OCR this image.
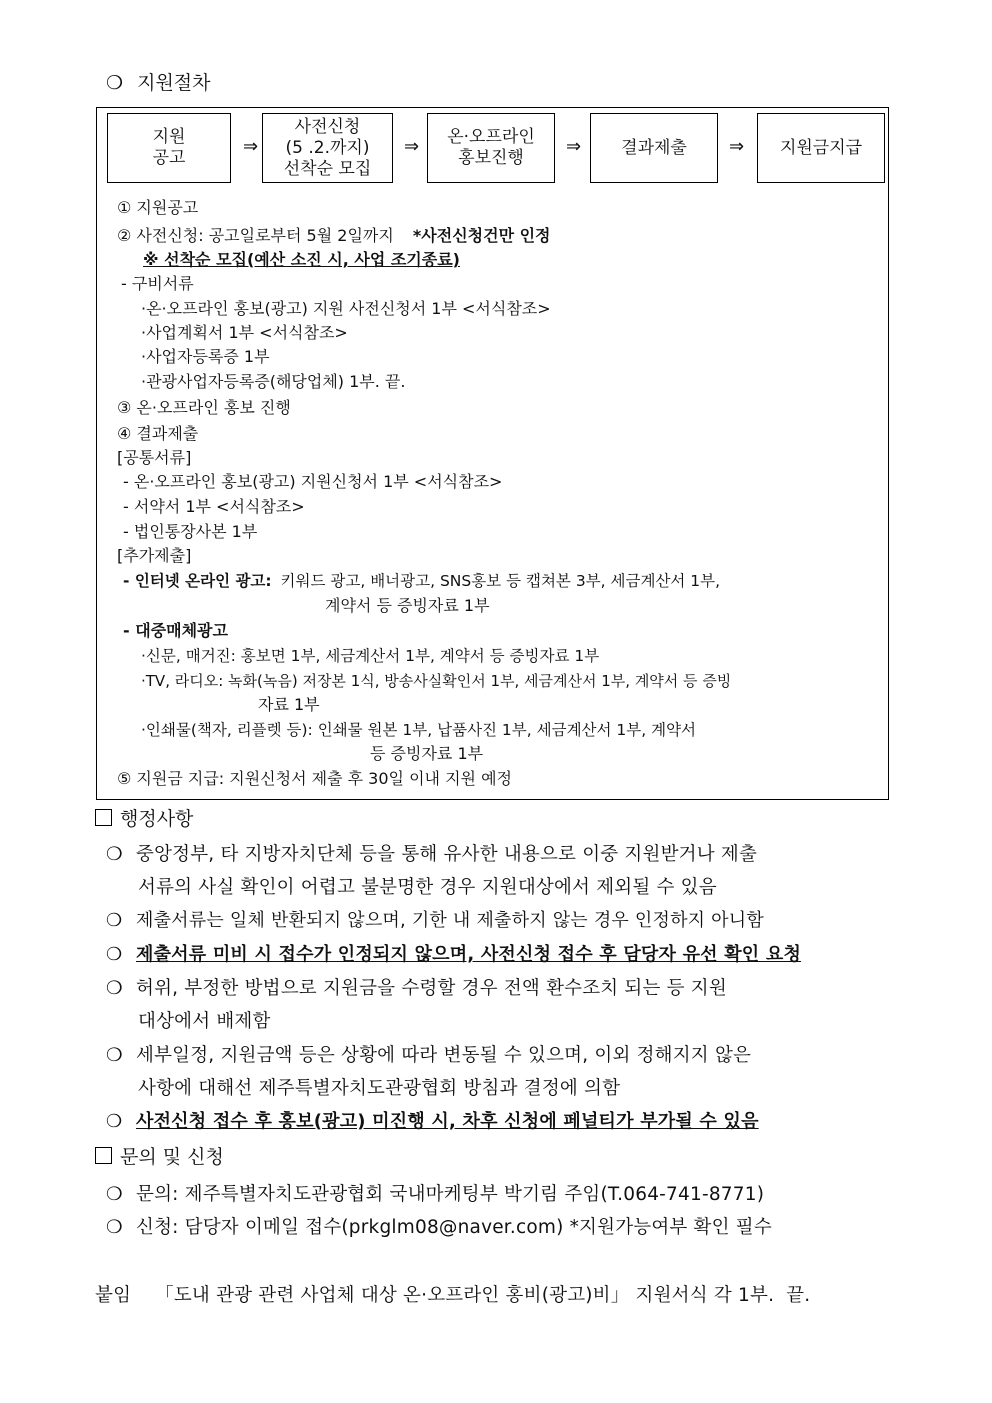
❍ 지원절차
지원
공고
⇒
사전신청
(5 .2.까지)
선착순 모집
⇒	온·오프라인
홍보진행
⇒	결과제출	⇒	지원금지급
① 지원공고
② 사전신청: 공고일로부터 5월 2일까지 *사전신청건만 인정
※ 선착순 모집(예산 소진 시, 사업 조기종료)
- 구비서류
·온·오프라인 홍보(광고) 지원 사전신청서 1부 <서식참조>
·사업계획서 1부 <서식참조>
·사업자등록증 1부
·관광사업자등록증(해당업체) 1부. 끝.
③ 온·오프라인 홍보 진행
④ 결과제출
[공통서류]
- 온·오프라인 홍보(광고) 지원신청서 1부 <서식참조>
- 서약서 1부 <서식참조>
- 법인통장사본 1부
[추가제출]
- 인터넷 온라인 광고: 키워드 광고, 배너광고, SNS홍보 등 캡쳐본 3부, 세금계산서 1부,
계약서 등 증빙자료 1부
- 대중매체광고
·신문, 매거진: 홍보면 1부, 세금계산서 1부, 계약서 등 증빙자료 1부
·TV, 라디오: 녹화(녹음) 저장본 1식, 방송사실확인서 1부, 세금계산서 1부, 계약서 등 증빙
자료 1부
·인쇄물(책자, 리플렛 등): 인쇄물 원본 1부, 납품사진 1부, 세금계산서 1부, 계약서
등 증빙자료 1부
⑤ 지원금 지급: 지원신청서 제출 후 30일 이내 지원 예정
행정사항
❍ 중앙정부, 타 지방자치단체 등을 통해 유사한 내용으로 이중 지원받거나 제출
서류의 사실 확인이 어렵고 불분명한 경우 지원대상에서 제외될 수 있음
❍ 제출서류는 일체 반환되지 않으며, 기한 내 제출하지 않는 경우 인정하지 아니함
❍ 제출서류 미비 시 접수가 인정되지 않으며, 사전신청 접수 후 담당자 유선 확인 요청
❍ 허위, 부정한 방법으로 지원금을 수령할 경우 전액 환수조치 되는 등 지원
대상에서 배제함
❍ 세부일정, 지원금액 등은 상황에 따라 변동될 수 있으며, 이외 정해지지 않은
사항에 대해선 제주특별자치도관광협회 방침과 결정에 의함
❍ 사전신청 접수 후 홍보(광고) 미진행 시, 차후 신청에 페널티가 부가될 수 있음
문의 및 신청
❍ 문의: 제주특별자치도관광협회 국내마케팅부 박기림 주임(T.064-741-8771)
❍ 신청: 담당자 이메일 접수(prkglm08@naver.com) *지원가능여부 확인 필수
붙임 「도내 관광 관련 사업체 대상 온·오프라인 홍비(광고)비」 지원서식 각 1부. 끝.
